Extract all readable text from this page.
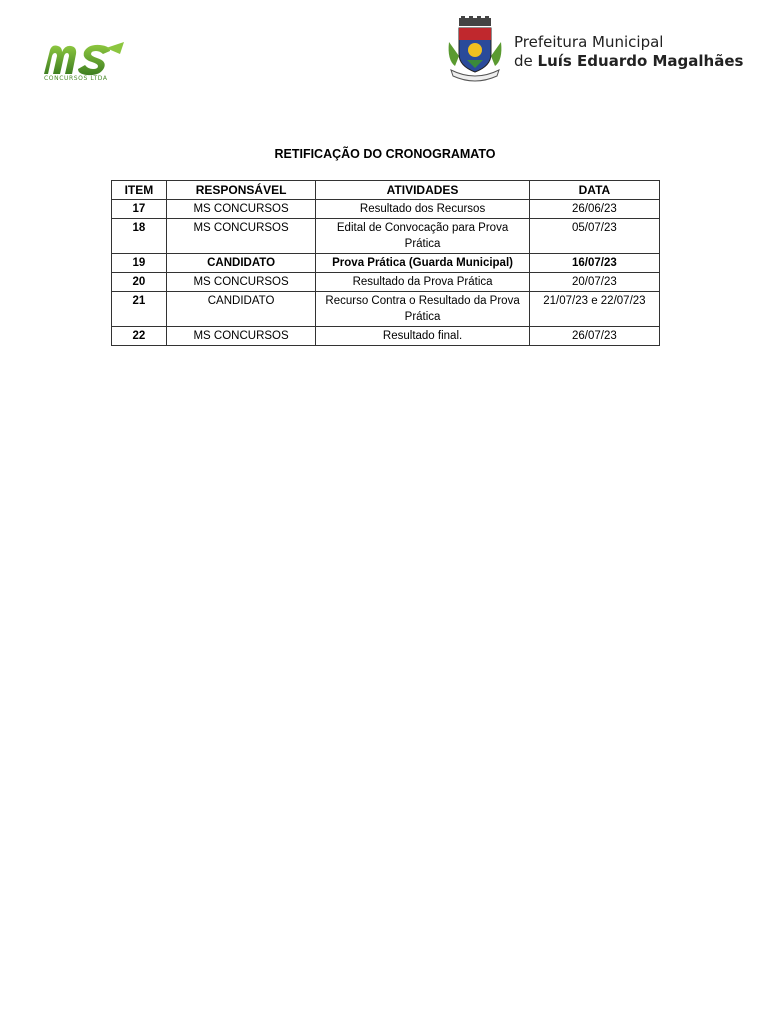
CONCURSOS LTDA
Prefeitura Municipal
de Luís Eduardo Magalhães
RETIFICAÇÃO DO CRONOGRAMATO
ITEM	RESPONSÁVEL	ATIVIDADES	DATA
17	MS CONCURSOS	Resultado dos Recursos	26/06/23
18	MS CONCURSOS	Edital de Convocação para Prova Prática	05/07/23
19	CANDIDATO	Prova Prática (Guarda Municipal)	16/07/23
20	MS CONCURSOS	Resultado da Prova Prática	20/07/23
21	CANDIDATO	Recurso Contra o Resultado da Prova Prática	21/07/23 e 22/07/23
22	MS CONCURSOS	Resultado final.	26/07/23
